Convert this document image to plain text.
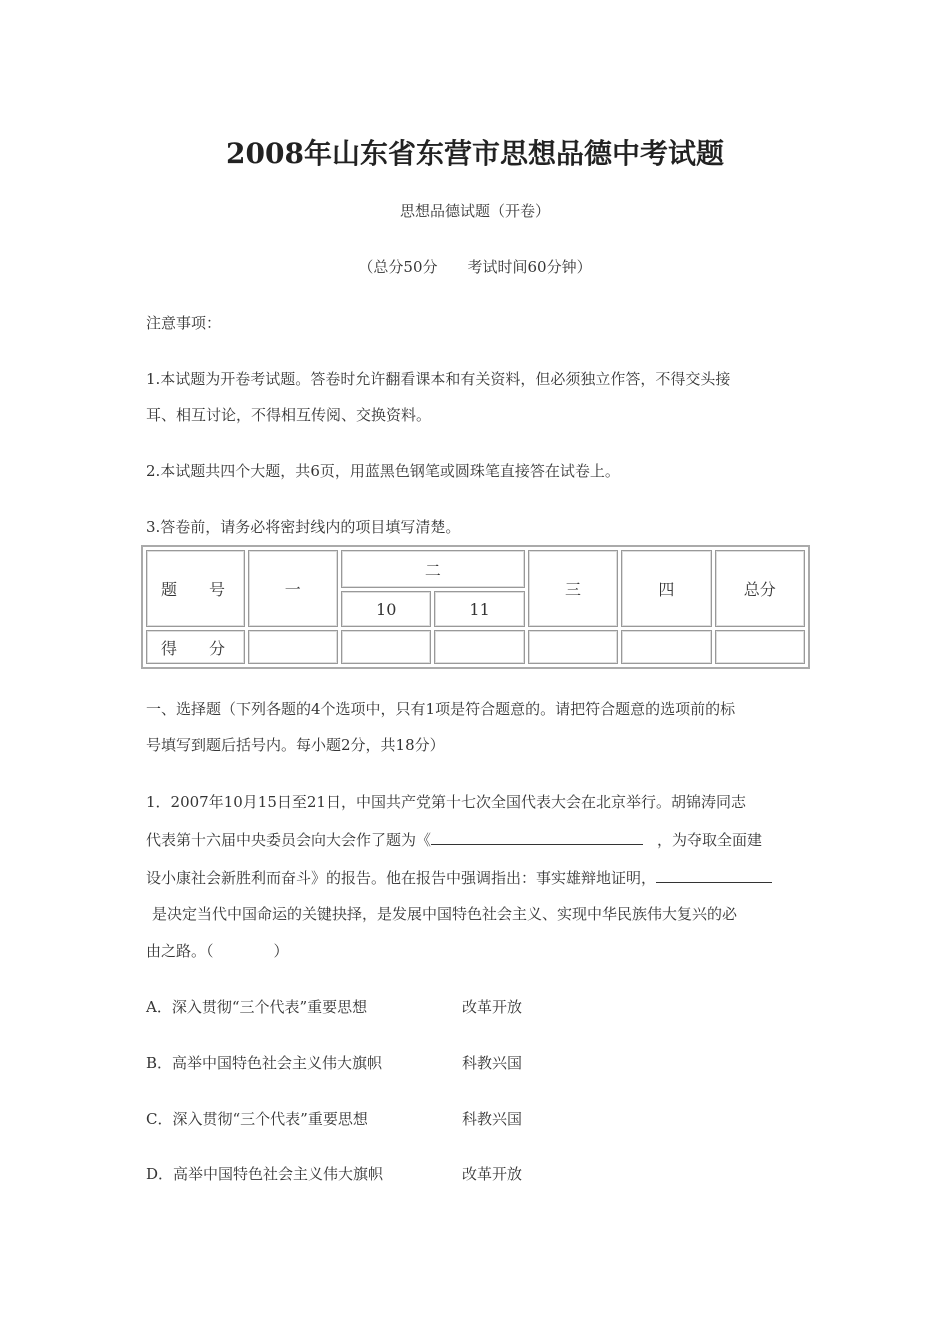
2008年山东省东营市思想品德中考试题
思想品德试题（开卷）
（总分50分　　考试时间60分钟）
注意事项：
1.本试题为开卷考试题。答卷时允许翻看课本和有关资料，但必须独立作答，不得交头接
耳、相互讨论，不得相互传阅、交换资料。
2.本试题共四个大题，共6页，用蓝黑色钢笔或圆珠笔直接答在试卷上。
3.答卷前，请务必将密封线内的项目填写清楚。
题 号	一	二		三	四	总分
		10	11			
得 分						
一、选择题（下列各题的4个选项中，只有1项是符合题意的。请把符合题意的选项前的标
号填写到题后括号内。每小题2分，共18分）
1．2007年10月15日至21日，中国共产党第十七次全国代表大会在北京举行。胡锦涛同志
代表第十六届中央委员会向大会作了题为《	，为夺取全面建
设小康社会新胜利而奋斗》的报告。他在报告中强调指出：事实雄辩地证明，
是决定当代中国命运的关键抉择，是发展中国特色社会主义、实现中华民族伟大复兴的必
由之路。（　　　　）
A．深入贯彻“三个代表”重要思想	改革开放
B．高举中国特色社会主义伟大旗帜	科教兴国
C．深入贯彻“三个代表”重要思想	科教兴国
D．高举中国特色社会主义伟大旗帜	改革开放
